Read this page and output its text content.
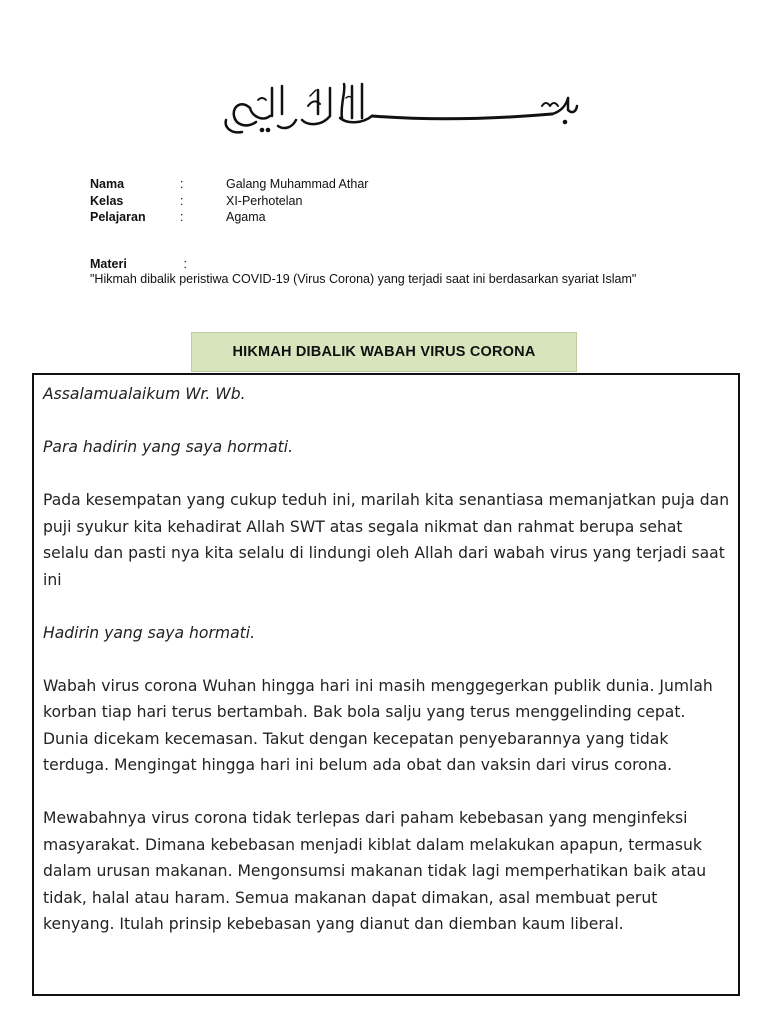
Nama	:	Galang Muhammad Athar
Kelas	:	XI-Perhotelan
Pelajaran	:	Agama
Materi	:
"Hikmah dibalik peristiwa COVID-19 (Virus Corona) yang terjadi saat ini berdasarkan syariat Islam"
HIKMAH DIBALIK WABAH VIRUS CORONA

Assalamualaikum Wr. Wb.

Para hadirin yang saya hormati.

Pada kesempatan yang cukup teduh ini, marilah kita senantiasa memanjatkan puja dan puji syukur kita kehadirat Allah SWT atas segala nikmat dan rahmat berupa sehat selalu dan pasti nya kita selalu di lindungi oleh Allah dari wabah virus yang terjadi saat ini

Hadirin yang saya hormati.

Wabah virus corona Wuhan hingga hari ini masih menggegerkan publik dunia. Jumlah korban tiap hari terus bertambah. Bak bola salju yang terus menggelinding cepat. Dunia dicekam kecemasan. Takut dengan kecepatan penyebarannya yang tidak terduga. Mengingat hingga hari ini belum ada obat dan vaksin dari virus corona.

Mewabahnya virus corona tidak terlepas dari paham kebebasan yang menginfeksi masyarakat. Dimana kebebasan menjadi kiblat dalam melakukan apapun, termasuk dalam urusan makanan. Mengonsumsi makanan tidak lagi memperhatikan baik atau tidak, halal atau haram. Semua makanan dapat dimakan, asal membuat perut kenyang. Itulah prinsip kebebasan yang dianut dan diemban kaum liberal.
